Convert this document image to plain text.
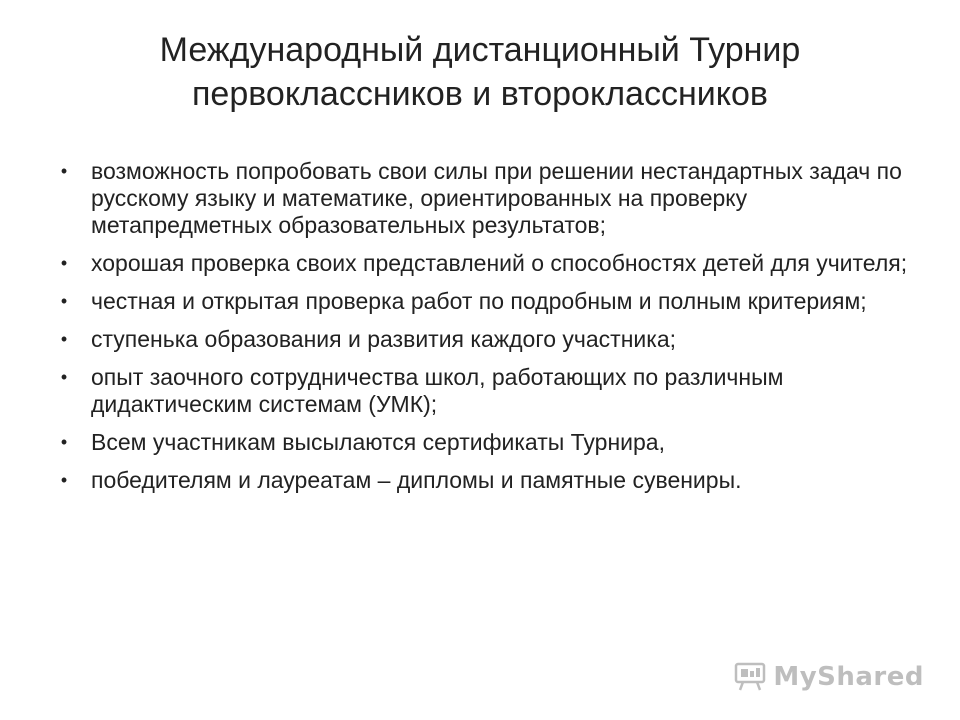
Международный дистанционный Турнир
первоклассников и второклассников
• возможность попробовать свои силы при решении нестандартных задач по русскому языку и математике, ориентированных на проверку метапредметных образовательных результатов;
• хорошая проверка своих представлений о способностях детей для учителя;
• честная и открытая проверка работ по подробным и полным критериям;
• ступенька образования и развития каждого участника;
• опыт заочного сотрудничества школ, работающих по различным дидактическим системам (УМК);
• Всем участникам высылаются сертификаты Турнира,
• победителям и лауреатам – дипломы и памятные сувениры.
MyShared
